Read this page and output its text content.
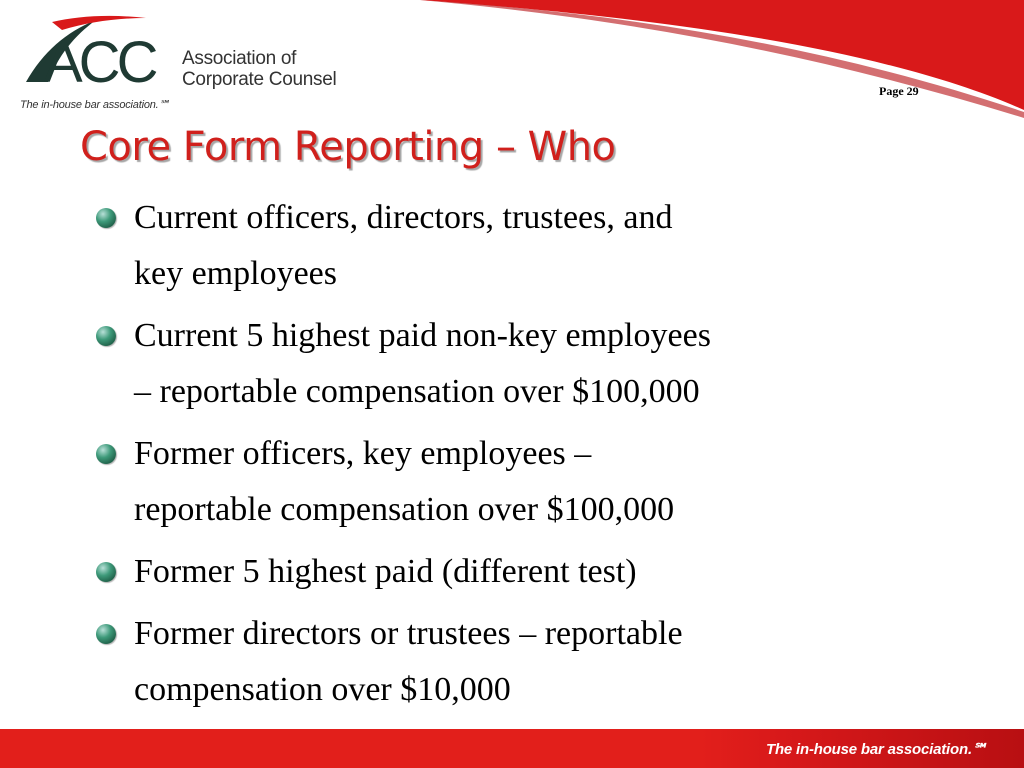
ACC Association of
Corporate Counsel
The in-house bar association.℠
Page 29
Core Form Reporting – Who
Current officers, directors, trustees, and
key employees
Current 5 highest paid non-key employees
– reportable compensation over $100,000
Former officers, key employees –
reportable compensation over $100,000
Former 5 highest paid (different test)
Former directors or trustees – reportable
compensation over $10,000
The in-house bar association.℠
